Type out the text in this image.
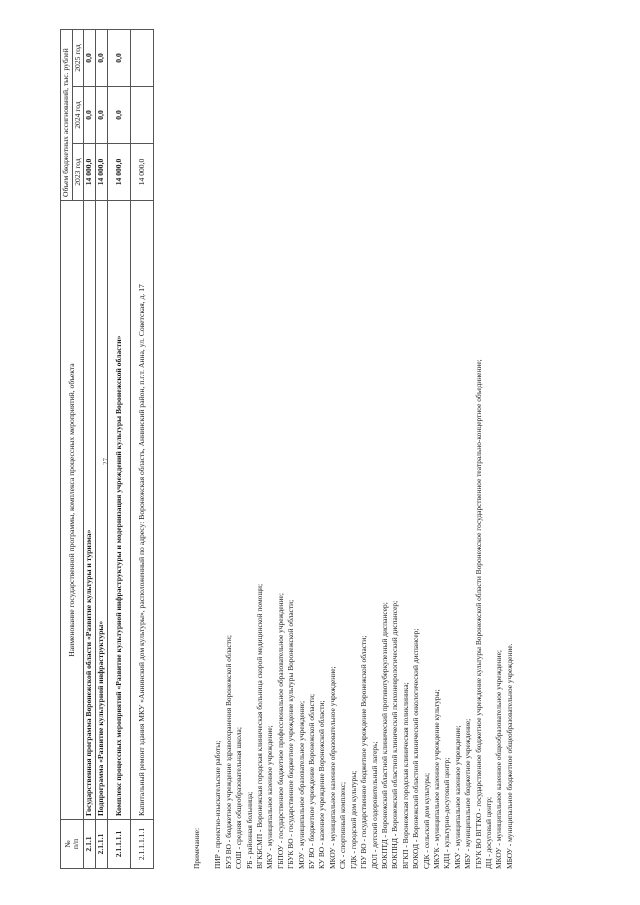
27
№
п/п	Наименование государственной программы, комплекса процессных мероприятий, объекта	Объем бюджетных ассигнований, тыс. рублей		
		2023 год	2024 год	2025 год
2.1.1	Государственная программа Воронежской области «Развитие культуры и туризма»	14 000,0	0,0	0,0
2.1.1.1	Подпрограмма «Развитие культурной инфраструктуры»	14 000,0	0,0	0,0
2.1.1.1.1	Комплекс процессных мероприятий «Развитие культурной инфраструктуры и модернизация учреждений культуры Воронежской области»	14 000,0	0,0	0,0
2.1.1.1.1.1	Капитальный ремонт здания МКУ «Аннинский дом культуры», расположенный по адресу: Воронежская область, Аннинский район, п.г.т. Анна, ул. Советская, д. 17	14 000,0		
Примечание: ПИР - проектно-изыскательские работы; БУЗ ВО - бюджетное учреждение здравоохранения Воронежской области; СОШ - средняя общеобразовательная школа; РБ - районная больница; ВГКБСМП - Воронежская городская клиническая больница скорой медицинской помощи; МКУ - муниципальное казенное учреждение; ГБПОУ - государственное бюджетное профессиональное образовательное учреждение; ГБУК ВО - государственное бюджетное учреждение культуры Воронежской области; МОУ - муниципальное образовательное учреждение; БУ ВО - бюджетное учреждение Воронежской области; КУ ВО - казенное учреждение Воронежской области; МКОУ - муниципальное казенное образовательное учреждение; СК - спортивный комплекс; ГДК - городской дом культуры; ГБУ ВО - государственное бюджетное учреждение Воронежской области; ДОЛ - детский оздоровительный лагерь; ВОКПТД - Воронежский областной клинический противотуберкулезный диспансер; ВОКПНД - Воронежский областной клинический психоневрологический диспансер; ВГКП - Воронежская городская клиническая поликлиника; ВОКОД - Воронежский областной клинический онкологический диспансер; СДК - сельский дом культуры; МКУК - муниципальное казенное учреждение культуры; КДЦ - культурно-досуговый центр; МКУ - муниципальное казенное учреждение; МБУ - муниципальное бюджетное учреждение; ГБУК ВО ВГТКО - государственное бюджетное учреждение культуры Воронежской области Воронежское государственное театрально-концертное объединение; ДЦ - досуговый центр; МКОУ - муниципальное казенное общеобразовательное учреждение; МБОУ - муниципальное бюджетное общеобразовательное учреждение.
